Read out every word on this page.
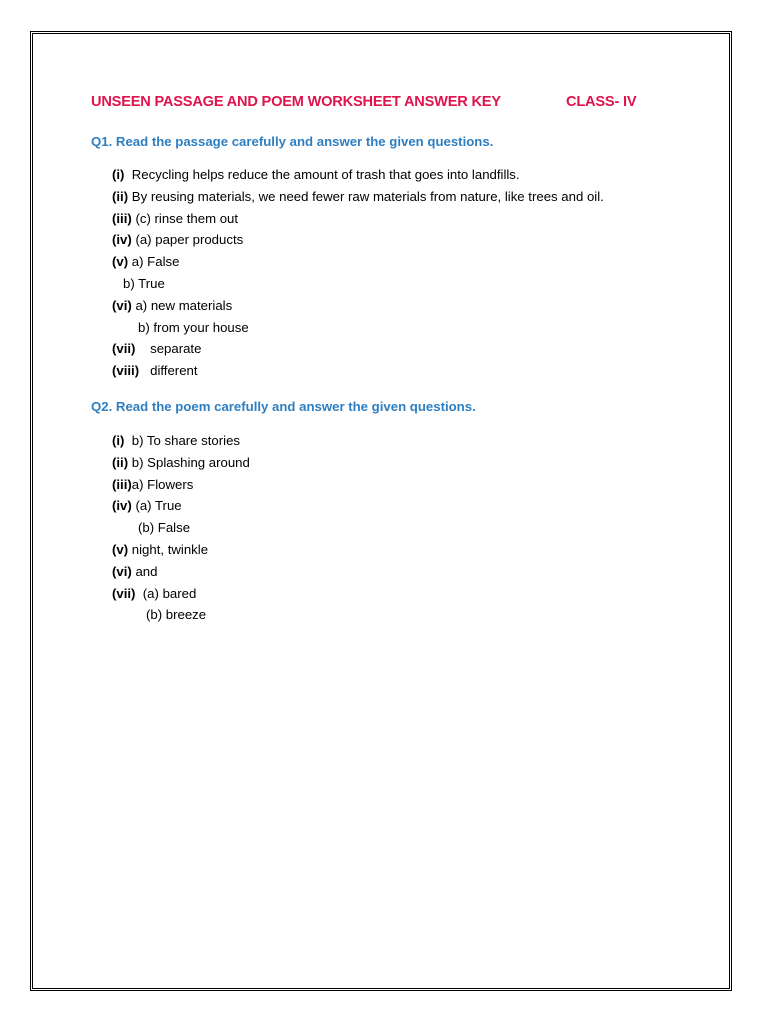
UNSEEN PASSAGE AND POEM WORKSHEET ANSWER KEY	CLASS- IV
Q1. Read the passage carefully and answer the given questions.
(i) Recycling helps reduce the amount of trash that goes into landfills.
(ii) By reusing materials, we need fewer raw materials from nature, like trees and oil.
(iii) (c) rinse them out
(iv) (a) paper products
(v) a) False
b) True
(vi) a) new materials
b) from your house
(vii) separate
(viii) different
Q2. Read the poem carefully and answer the given questions.
(i) b) To share stories
(ii) b) Splashing around
(iii)a) Flowers
(iv) (a) True
(b) False
(v) night, twinkle
(vi) and
(vii) (a) bared
(b) breeze
